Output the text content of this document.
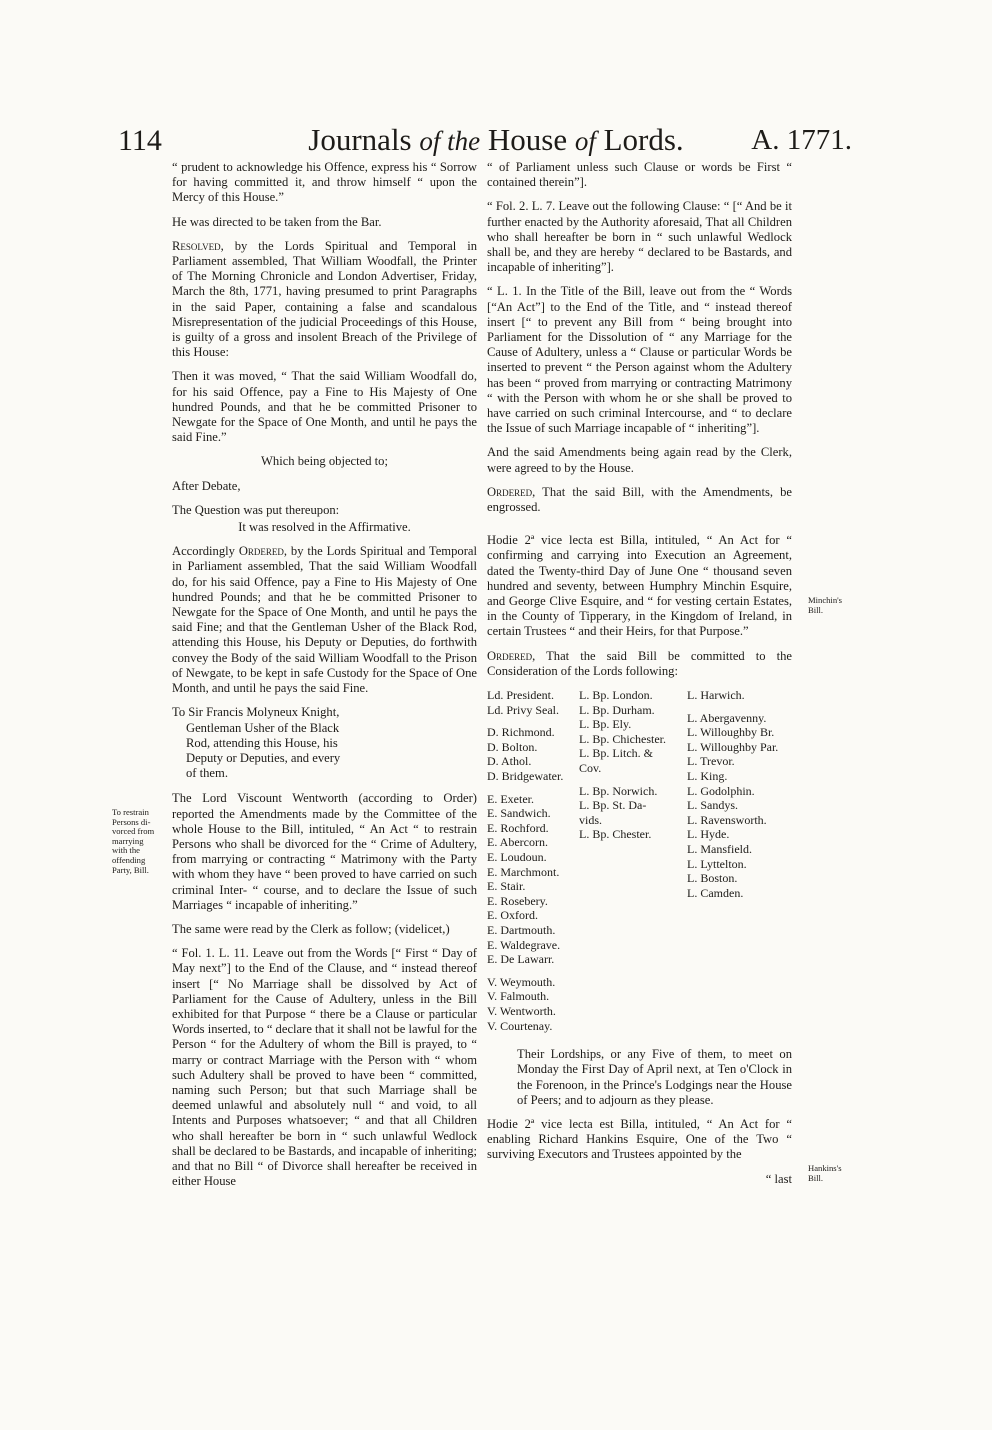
114	Journals of the House of Lords.	A. 1771.

“ prudent to acknowledge his Offence, express his “ Sorrow for having committed it, and throw himself “ upon the Mercy of this House.”

He was directed to be taken from the Bar.

Resolved, by the Lords Spiritual and Temporal in Parliament assembled, That William Woodfall, the Printer of The Morning Chronicle and London Advertiser, Friday, March the 8th, 1771, having presumed to print Paragraphs in the said Paper, containing a false and scandalous Misrepresentation of the judicial Proceedings of this House, is guilty of a gross and insolent Breach of the Privilege of this House:

Then it was moved, “ That the said William Woodfall do, for his said Offence, pay a Fine to His Majesty of One hundred Pounds, and that he be committed Prisoner to Newgate for the Space of One Month, and until he pays the said Fine.”

Which being objected to;

After Debate,

The Question was put thereupon:

It was resolved in the Affirmative.

Accordingly Ordered, by the Lords Spiritual and Temporal in Parliament assembled, That the said William Woodfall do, for his said Offence, pay a Fine to His Majesty of One hundred Pounds; and that he be committed Prisoner to Newgate for the Space of One Month, and until he pays the said Fine; and that the Gentleman Usher of the Black Rod, attending this House, his Deputy or Deputies, do forthwith convey the Body of the said William Woodfall to the Prison of Newgate, to be kept in safe Custody for the Space of One Month, and until he pays the said Fine.

To Sir Francis Molyneux Knight,
Gentleman Usher of the Black
Rod, attending this House, his
Deputy or Deputies, and every
of them.

The Lord Viscount Wentworth (according to Order) reported the Amendments made by the Committee of the whole House to the Bill, intituled, “ An Act “ to restrain Persons who shall be divorced for the “ Crime of Adultery, from marrying or contracting “ Matrimony with the Party with whom they have “ been proved to have carried on such criminal Inter- “ course, and to declare the Issue of such Marriages “ incapable of inheriting.”

The same were read by the Clerk as follow; (videlicet,)

“ Fol. 1. L. 11. Leave out from the Words [“ First “ Day of May next”] to the End of the Clause, and “ instead thereof insert [“ No Marriage shall be dissolved by Act of Parliament for the Cause of Adultery, unless in the Bill exhibited for that Purpose “ there be a Clause or particular Words inserted, to “ declare that it shall not be lawful for the Person “ for the Adultery of whom the Bill is prayed, to “ marry or contract Marriage with the Person with “ whom such Adultery shall be proved to have been “ committed, naming such Person; but that such Marriage shall be deemed unlawful and absolutely null “ and void, to all Intents and Purposes whatsoever; “ and that all Children who shall hereafter be born in “ such unlawful Wedlock shall be declared to be Bastards, and incapable of inheriting; and that no Bill “ of Divorce shall hereafter be received in either House

“ of Parliament unless such Clause or words be First “ contained therein”].

“ Fol. 2. L. 7. Leave out the following Clause: “ [“ And be it further enacted by the Authority aforesaid, That all Children who shall hereafter be born in “ such unlawful Wedlock shall be, and they are hereby “ declared to be Bastards, and incapable of inheriting”].

“ L. 1. In the Title of the Bill, leave out from the “ Words [“An Act”] to the End of the Title, and “ instead thereof insert [“ to prevent any Bill from “ being brought into Parliament for the Dissolution of “ any Marriage for the Cause of Adultery, unless a “ Clause or particular Words be inserted to prevent “ the Person against whom the Adultery has been “ proved from marrying or contracting Matrimony “ with the Person with whom he or she shall be proved to have carried on such criminal Intercourse, and “ to declare the Issue of such Marriage incapable of “ inheriting”].

And the said Amendments being again read by the Clerk, were agreed to by the House.

Ordered, That the said Bill, with the Amendments, be engrossed.

Hodie 2ª vice lecta est Billa, intituled, “ An Act for “ confirming and carrying into Execution an Agreement, dated the Twenty-third Day of June One “ thousand seven hundred and seventy, between Humphry Minchin Esquire, and George Clive Esquire, and “ for vesting certain Estates, in the County of Tipperary, in the Kingdom of Ireland, in certain Trustees “ and their Heirs, for that Purpose.”

Ordered, That the said Bill be committed to the Consideration of the Lords following:

Ld. President.
Ld. Privy Seal.
D. Richmond.
D. Bolton.
D. Athol.
D. Bridgewater.
E. Exeter.
E. Sandwich.
E. Rochford.
E. Abercorn.
E. Loudoun.
E. Marchmont.
E. Stair.
E. Rosebery.
E. Oxford.
E. Dartmouth.
E. Waldegrave.
E. De Lawarr.
V. Weymouth.
V. Falmouth.
V. Wentworth.
V. Courtenay.
L. Bp. London.
L. Bp. Durham.
L. Bp. Ely.
L. Bp. Chichester.
L. Bp. Litch. &
Cov.
L. Bp. Norwich.
L. Bp. St. Da-
vids.
L. Bp. Chester.
L. Harwich.
L. Abergavenny.
L. Willoughby Br.
L. Willoughby Par.
L. Trevor.
L. King.
L. Godolphin.
L. Sandys.
L. Ravensworth.
L. Hyde.
L. Mansfield.
L. Lyttelton.
L. Boston.
L. Camden.

Their Lordships, or any Five of them, to meet on Monday the First Day of April next, at Ten o'Clock in the Forenoon, in the Prince's Lodgings near the House of Peers; and to adjourn as they please.

Hodie 2ª vice lecta est Billa, intituled, “ An Act for “ enabling Richard Hankins Esquire, One of the Two “ surviving Executors and Trustees appointed by the

“ last

To restrain
Persons di-
vorced from
marrying
with the
offending
Party, Bill.
Minchin's
Bill.
Hankins's
Bill.
